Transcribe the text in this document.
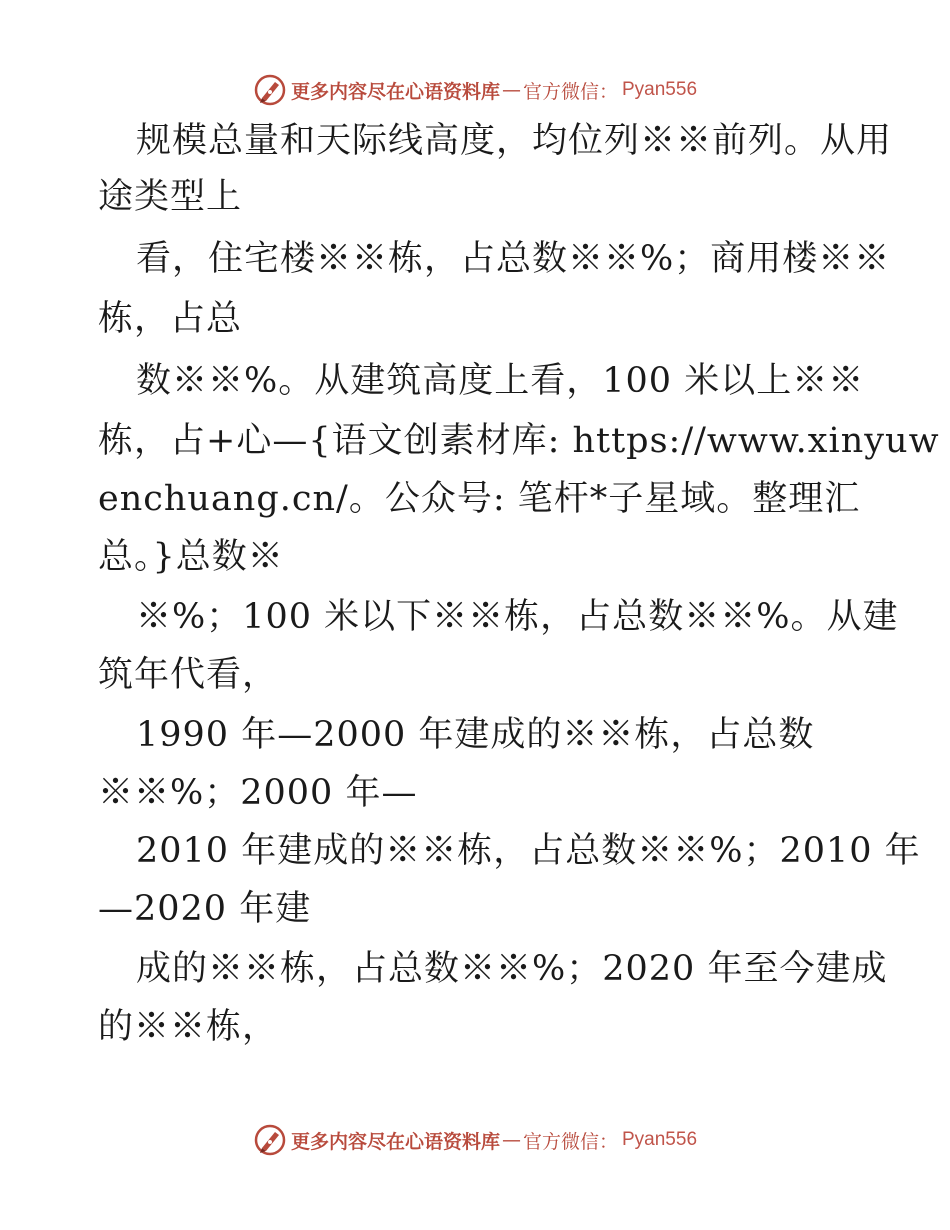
更多内容尽在心语资料库 — 官方微信： Pyan556
规模总量和天际线高度，均位列※※前列。从用
途类型上
看，住宅楼※※栋，占总数※※%；商用楼※※
栋，占总
数※※%。从建筑高度上看，100 米以上※※
栋，占+心—{语文创素材库: https://www.xinyuw
enchuang.cn/。公众号: 笔杆*子星域。整理汇
总。}总数※
※%；100 米以下※※栋，占总数※※%。从建
筑年代看，
1990 年—2000 年建成的※※栋，占总数
※※%；2000 年—
2010 年建成的※※栋，占总数※※%；2010 年
—2020 年建
成的※※栋，占总数※※%；2020 年至今建成
的※※栋，
更多内容尽在心语资料库 — 官方微信： Pyan556
